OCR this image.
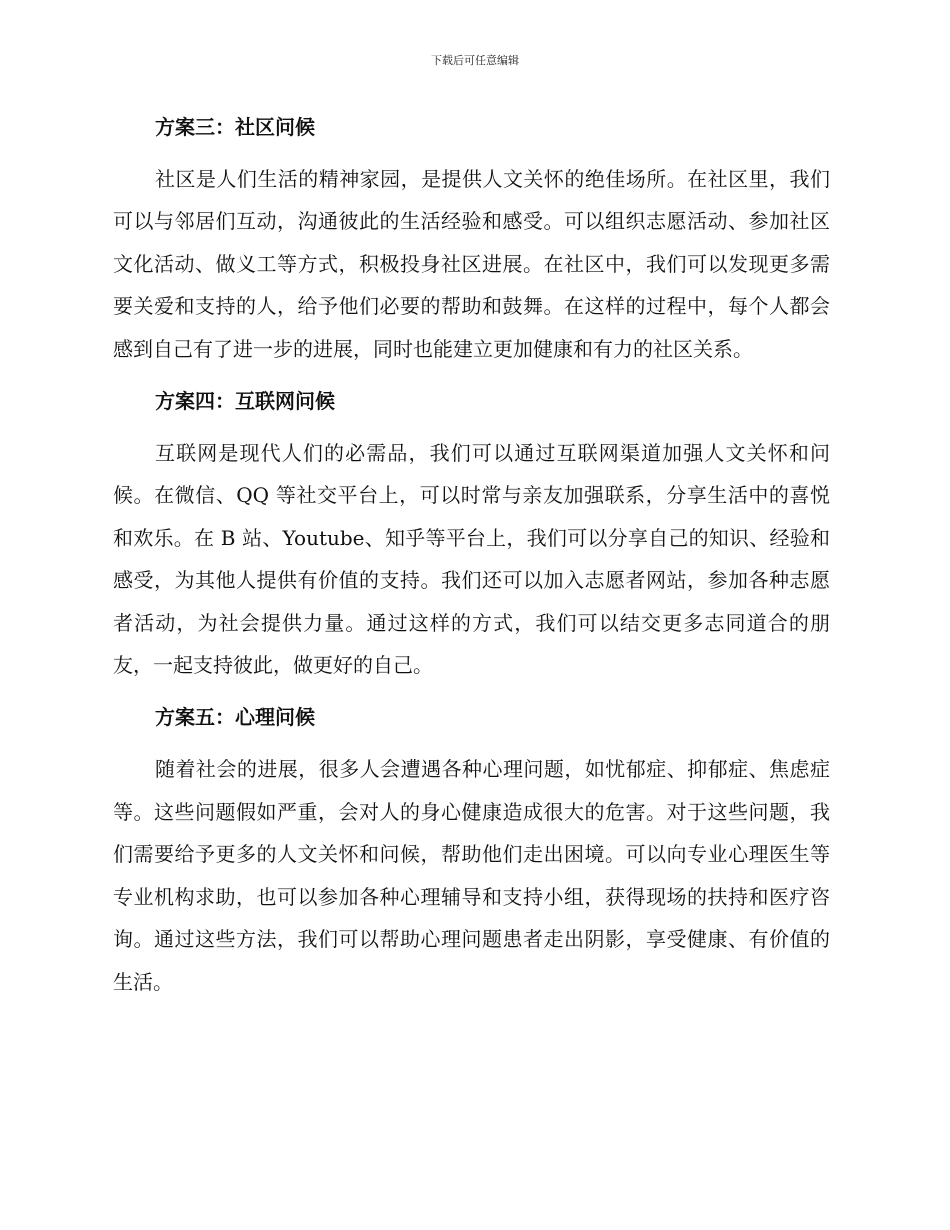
下载后可任意编辑
方案三：社区问候

社区是人们生活的精神家园，是提供人文关怀的绝佳场所。在社区里，我们可以与邻居们互动，沟通彼此的生活经验和感受。可以组织志愿活动、参加社区文化活动、做义工等方式，积极投身社区进展。在社区中，我们可以发现更多需要关爱和支持的人，给予他们必要的帮助和鼓舞。在这样的过程中，每个人都会感到自己有了进一步的进展，同时也能建立更加健康和有力的社区关系。

方案四：互联网问候

互联网是现代人们的必需品，我们可以通过互联网渠道加强人文关怀和问候。在微信、QQ 等社交平台上，可以时常与亲友加强联系，分享生活中的喜悦和欢乐。在 B 站、Youtube、知乎等平台上，我们可以分享自己的知识、经验和感受，为其他人提供有价值的支持。我们还可以加入志愿者网站，参加各种志愿者活动，为社会提供力量。通过这样的方式，我们可以结交更多志同道合的朋友，一起支持彼此，做更好的自己。

方案五：心理问候

随着社会的进展，很多人会遭遇各种心理问题，如忧郁症、抑郁症、焦虑症等。这些问题假如严重，会对人的身心健康造成很大的危害。对于这些问题，我们需要给予更多的人文关怀和问候，帮助他们走出困境。可以向专业心理医生等专业机构求助，也可以参加各种心理辅导和支持小组，获得现场的扶持和医疗咨询。通过这些方法，我们可以帮助心理问题患者走出阴影，享受健康、有价值的生活。
